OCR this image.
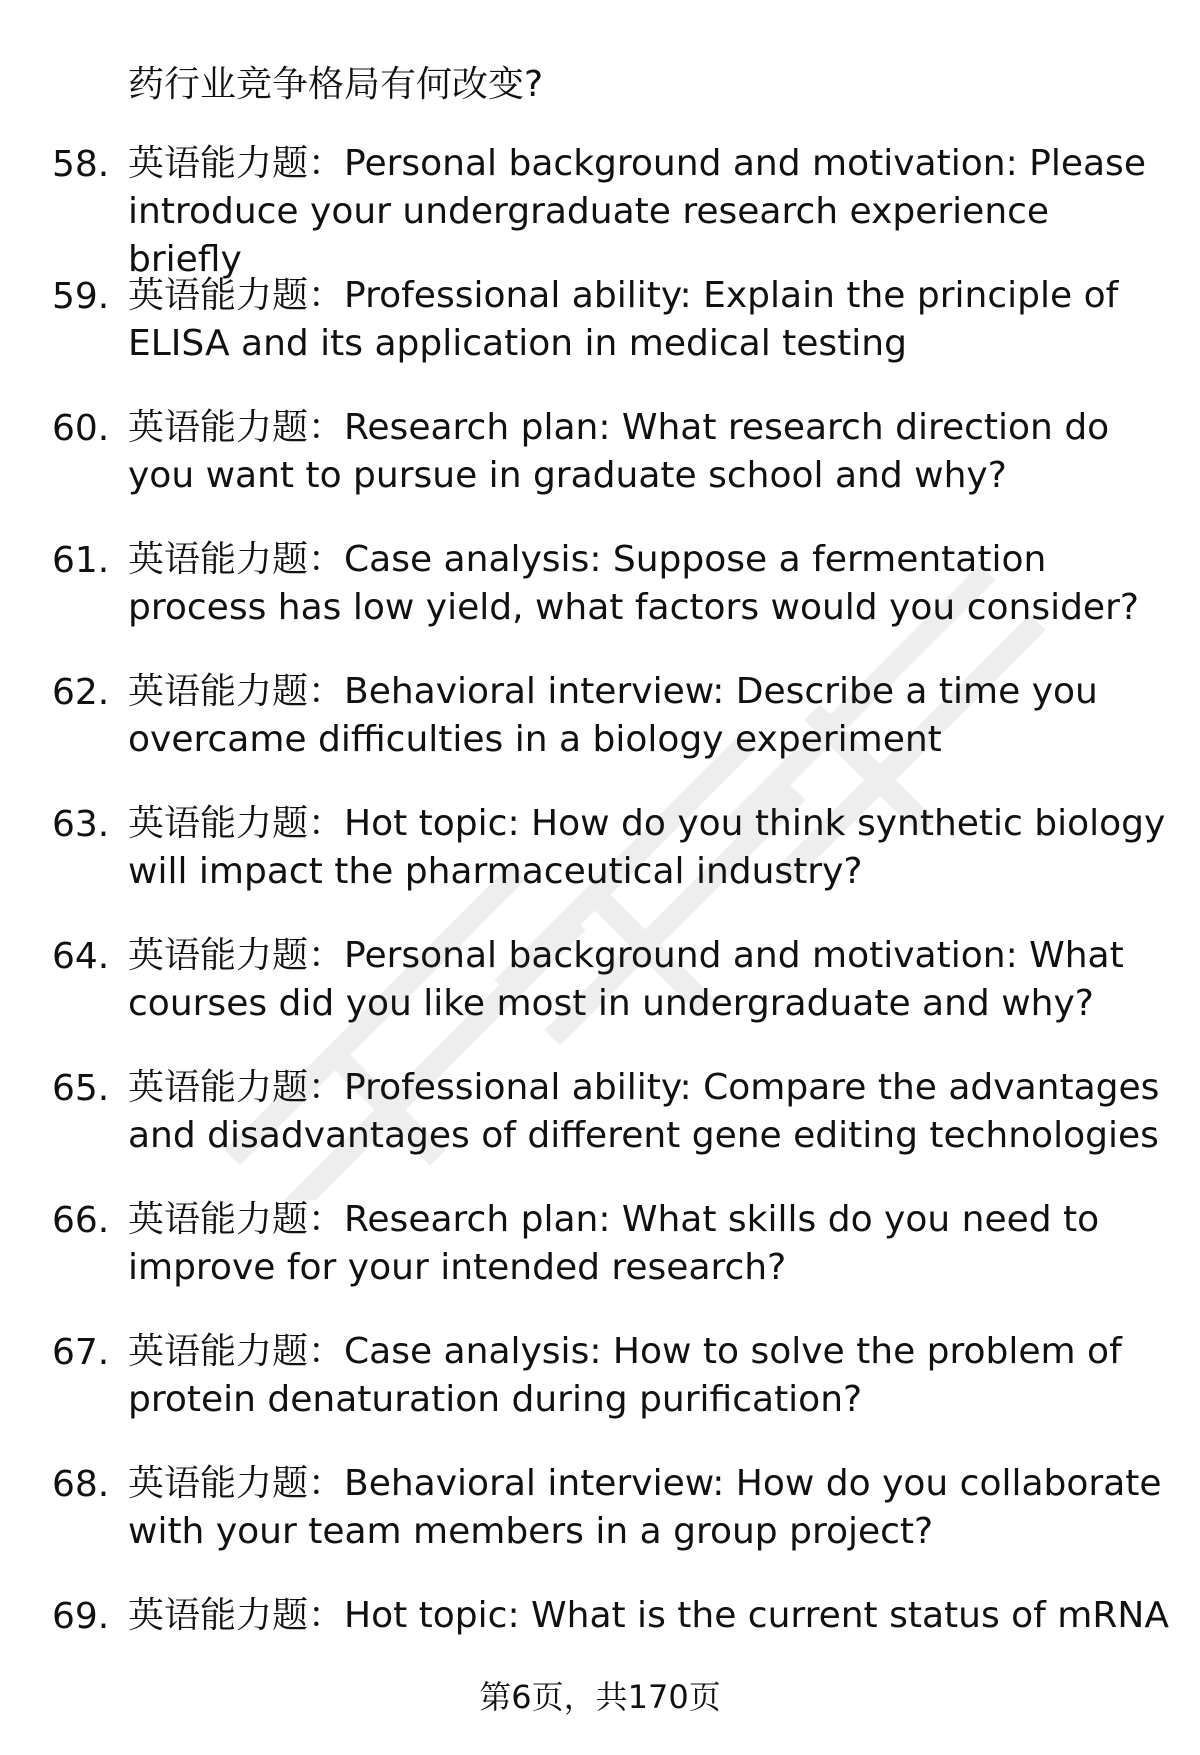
药行业竞争格局有何改变?
58. 英语能力题：Personal background and motivation: Please introduce your undergraduate research experience briefly
59. 英语能力题：Professional ability: Explain the principle of ELISA and its application in medical testing
60. 英语能力题：Research plan: What research direction do you want to pursue in graduate school and why?
61. 英语能力题：Case analysis: Suppose a fermentation process has low yield, what factors would you consider?
62. 英语能力题：Behavioral interview: Describe a time you overcame difficulties in a biology experiment
63. 英语能力题：Hot topic: How do you think synthetic biology will impact the pharmaceutical industry?
64. 英语能力题：Personal background and motivation: What courses did you like most in undergraduate and why?
65. 英语能力题：Professional ability: Compare the advantages and disadvantages of different gene editing technologies
66. 英语能力题：Research plan: What skills do you need to improve for your intended research?
67. 英语能力题：Case analysis: How to solve the problem of protein denaturation during purification?
68. 英语能力题：Behavioral interview: How do you collaborate with your team members in a group project?
69. 英语能力题：Hot topic: What is the current status of mRNA
第6页，共170页
